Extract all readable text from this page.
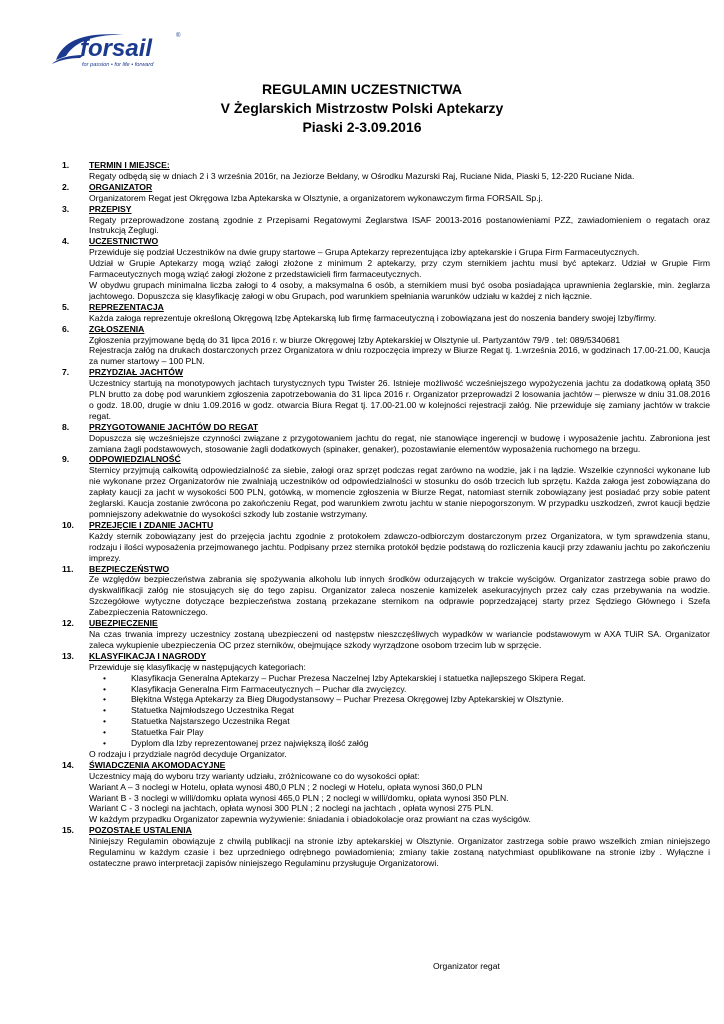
forsail	®
for passion • for life • forward
REGULAMIN UCZESTNICTWA
V Żeglarskich Mistrzostw Polski Aptekarzy
Piaski 2-3.09.2016
1. TERMIN I MIEJSCE:

Regaty odbędą się w dniach 2 i 3 września 2016r, na Jeziorze Bełdany, w Ośrodku Mazurski Raj, Ruciane Nida, Piaski 5, 12-220 Ruciane Nida.

2. ORGANIZATOR

Organizatorem Regat jest Okręgowa Izba Aptekarska w Olsztynie, a organizatorem wykonawczym firma FORSAIL Sp.j.

3. PRZEPISY

Regaty przeprowadzone zostaną zgodnie z Przepisami Regatowymi Żeglarstwa ISAF 20013-2016 postanowieniami PZŻ, zawiadomieniem o regatach oraz Instrukcją Żeglugi.

4. UCZESTNICTWO

Przewiduje się podział Uczestników na dwie grupy startowe – Grupa Aptekarzy reprezentująca izby aptekarskie i Grupa Firm Farmaceutycznych.

Udział w Grupie Aptekarzy mogą wziąć załogi złożone z minimum 2 aptekarzy, przy czym sternikiem jachtu musi być aptekarz. Udział w Grupie Firm Farmaceutycznych mogą wziąć załogi złożone z przedstawicieli firm farmaceutycznych.

W obydwu grupach minimalna liczba załogi to 4 osoby, a maksymalna 6 osób, a sternikiem musi być osoba posiadająca uprawnienia żeglarskie, min. żeglarza jachtowego. Dopuszcza się klasyfikację załogi w obu Grupach, pod warunkiem spełniania warunków udziału w każdej z nich łącznie.

5. REPREZENTACJA

Każda załoga reprezentuje określoną Okręgową Izbę Aptekarską lub firmę farmaceutyczną i zobowiązana jest do noszenia bandery swojej Izby/firmy.

6. ZGŁOSZENIA

Zgłoszenia przyjmowane będą do 31 lipca 2016 r. w biurze Okręgowej Izby Aptekarskiej w Olsztynie ul. Partyzantów 79/9 . tel: 089/5340681

Rejestracja załóg na drukach dostarczonych przez Organizatora w dniu rozpoczęcia imprezy w Biurze Regat tj. 1.września 2016, w godzinach 17.00-21.00, Kaucja za numer startowy – 100 PLN.

7. PRZYDZIAŁ JACHTÓW

Uczestnicy startują na monotypowych jachtach turystycznych typu Twister 26. Istnieje możliwość wcześniejszego wypożyczenia jachtu za dodatkową opłatą 350 PLN brutto za dobę pod warunkiem zgłoszenia zapotrzebowania do 31 lipca 2016 r. Organizator przeprowadzi 2 losowania jachtów – pierwsze w dniu 31.08.2016 o godz. 18.00, drugie w dniu 1.09.2016 w godz. otwarcia Biura Regat tj. 17.00-21.00 w kolejności rejestracji załóg. Nie przewiduje się zamiany jachtów w trakcie regat.

8. PRZYGOTOWANIE JACHTÓW DO REGAT

Dopuszcza się wcześniejsze czynności związane z przygotowaniem jachtu do regat, nie stanowiące ingerencji w budowę i wyposażenie jachtu. Zabroniona jest zamiana żagli podstawowych, stosowanie żagli dodatkowych (spinaker, genaker), pozostawianie elementów wyposażenia ruchomego na brzegu.

9. ODPOWIEDZIALNOŚĆ

Sternicy przyjmują całkowitą odpowiedzialność za siebie, załogi oraz sprzęt podczas regat zarówno na wodzie, jak i na lądzie. Wszelkie czynności wykonane lub nie wykonane przez Organizatorów nie zwalniają uczestników od odpowiedzialności w stosunku do osób trzecich lub sprzętu. Każda załoga jest zobowiązana do zapłaty kaucji za jacht w wysokości 500 PLN, gotówką, w momencie zgłoszenia w Biurze Regat, natomiast sternik zobowiązany jest posiadać przy sobie patent żeglarski. Kaucja zostanie zwrócona po zakończeniu Regat, pod warunkiem zwrotu jachtu w stanie niepogorszonym. W przypadku uszkodzeń, zwrot kaucji będzie pomniejszony adekwatnie do wysokości szkody lub zostanie wstrzymany.

10. PRZEJĘCIE I ZDANIE JACHTU

Każdy sternik zobowiązany jest do przejęcia jachtu zgodnie z protokołem zdawczo-odbiorczym dostarczonym przez Organizatora, w tym sprawdzenia stanu, rodzaju i ilości wyposażenia przejmowanego jachtu. Podpisany przez sternika protokół będzie podstawą do rozliczenia kaucji przy zdawaniu jachtu po zakończeniu imprezy.

11. BEZPIECZEŃSTWO

Ze względów bezpieczeństwa zabrania się spożywania alkoholu lub innych środków odurzających w trakcie wyścigów. Organizator zastrzega sobie prawo do dyskwalifikacji załóg nie stosujących się do tego zapisu. Organizator zaleca noszenie kamizelek asekuracyjnych przez cały czas przebywania na wodzie. Szczegółowe wytyczne dotyczące bezpieczeństwa zostaną przekazane sternikom na odprawie poprzedzającej starty przez Sędziego Głównego i Szefa Zabezpieczenia Ratowniczego.

12. UBEZPIECZENIE

Na czas trwania imprezy uczestnicy zostaną ubezpieczeni od następstw nieszczęśliwych wypadków w wariancie podstawowym w AXA TUiR SA. Organizator zaleca wykupienie ubezpieczenia OC przez sterników, obejmujące szkody wyrządzone osobom trzecim lub w sprzęcie.

13. KLASYFIKACJA I NAGRODY

Przewiduje się klasyfikację w następujących kategoriach:

• Klasyfikacja Generalna Aptekarzy – Puchar Prezesa Naczelnej Izby Aptekarskiej i statuetka najlepszego Skipera Regat.
• Klasyfikacja Generalna Firm Farmaceutycznych – Puchar dla zwycięzcy.
• Błękitna Wstęga Aptekarzy za Bieg Długodystansowy – Puchar Prezesa Okręgowej Izby Aptekarskiej w Olsztynie.
• Statuetka Najmłodszego Uczestnika Regat
• Statuetka Najstarszego Uczestnika Regat
• Statuetka Fair Play
• Dyplom dla Izby reprezentowanej przez największą ilość załóg

O rodzaju i przydziale nagród decyduje Organizator.

14. ŚWIADCZENIA AKOMODACYJNE

Uczestnicy mają do wyboru trzy warianty udziału, zróżnicowane co do wysokości opłat:

Wariant A – 3 noclegi w Hotelu, opłata wynosi 480,0 PLN ; 2 noclegi w Hotelu, opłata wynosi 360,0 PLN

Wariant B - 3 noclegi w willi/domku opłata wynosi 465,0 PLN ; 2 noclegi w willi/domku, opłata wynosi 350 PLN.

Wariant C - 3 noclegi na jachtach, opłata wynosi 300 PLN ; 2 noclegi na jachtach , opłata wynosi 275 PLN.

W każdym przypadku Organizator zapewnia wyżywienie: śniadania i obiadokolacje oraz prowiant na czas wyścigów.

15. POZOSTAŁE USTALENIA

Niniejszy Regulamin obowiązuje z chwilą publikacji na stronie izby aptekarskiej w Olsztynie. Organizator zastrzega sobie prawo wszelkich zmian niniejszego Regulaminu w każdym czasie i bez uprzedniego odrębnego powiadomienia; zmiany takie zostaną natychmiast opublikowane na stronie izby . Wyłączne i ostateczne prawo interpretacji zapisów niniejszego Regulaminu przysługuje Organizatorowi.

Organizator regat
